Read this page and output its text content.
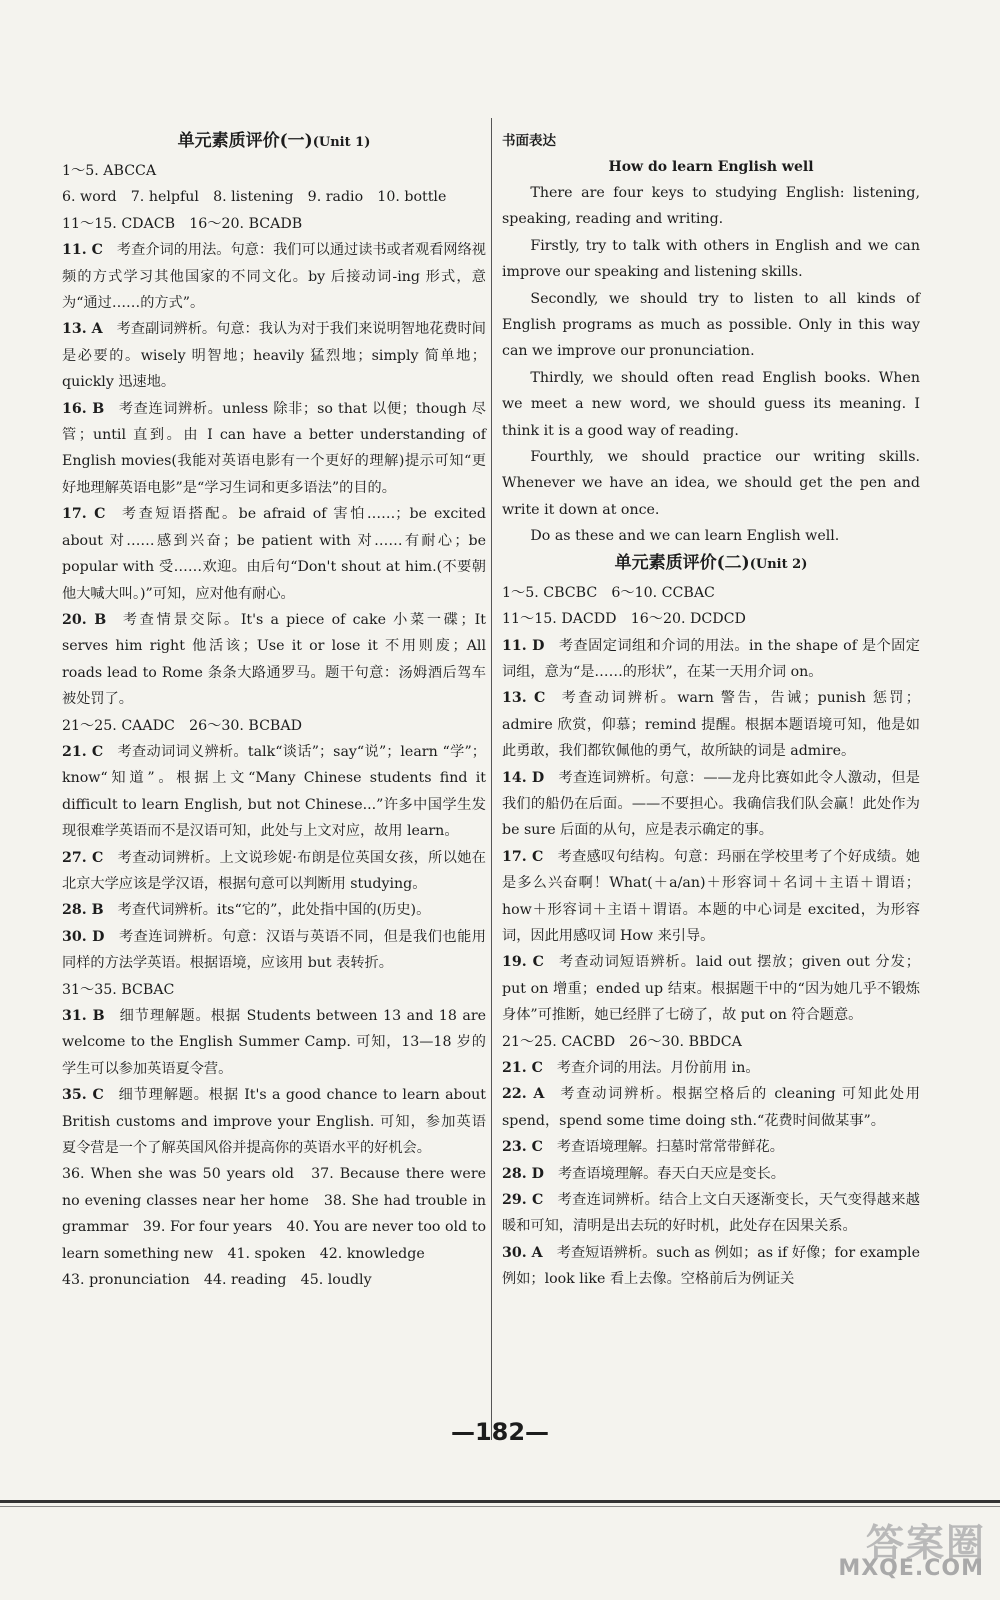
单元素质评价(一)(Unit 1)

1～5. ABCCA

6. word　7. helpful　8. listening　9. radio　10. bottle

11～15. CDACB　16～20. BCADB

11. C 考查介词的用法。句意：我们可以通过读书或者观看网络视频的方式学习其他国家的不同文化。by 后接动词-ing 形式，意为“通过……的方式”。

13. A 考查副词辨析。句意：我认为对于我们来说明智地花费时间是必要的。wisely 明智地；heavily 猛烈地；simply 简单地；quickly 迅速地。

16. B 考查连词辨析。unless 除非；so that 以便；though 尽管；until 直到。由 I can have a better understanding of English movies(我能对英语电影有一个更好的理解)提示可知“更好地理解英语电影”是“学习生词和更多语法”的目的。

17. C 考查短语搭配。be afraid of 害怕……；be excited about 对……感到兴奋；be patient with 对……有耐心；be popular with 受……欢迎。由后句“Don't shout at him.(不要朝他大喊大叫。)”可知，应对他有耐心。

20. B 考查情景交际。It's a piece of cake 小菜一碟；It serves him right 他活该；Use it or lose it 不用则废；All roads lead to Rome 条条大路通罗马。题干句意：汤姆酒后驾车被处罚了。

21～25. CAADC　26～30. BCBAD

21. C 考查动词词义辨析。talk“谈话”；say“说”；learn “学”；know“知道”。根据上文“Many Chinese students find it difficult to learn English, but not Chinese...”许多中国学生发现很难学英语而不是汉语可知，此处与上文对应，故用 learn。

27. C 考查动词辨析。上文说珍妮·布朗是位英国女孩，所以她在北京大学应该是学汉语，根据句意可以判断用 studying。

28. B 考查代词辨析。its“它的”，此处指中国的(历史)。

30. D 考查连词辨析。句意：汉语与英语不同，但是我们也能用同样的方法学英语。根据语境，应该用 but 表转折。

31～35. BCBAC

31. B 细节理解题。根据 Students between 13 and 18 are welcome to the English Summer Camp. 可知，13—18 岁的学生可以参加英语夏令营。

35. C 细节理解题。根据 It's a good chance to learn about British customs and improve your English. 可知，参加英语夏令营是一个了解英国风俗并提高你的英语水平的好机会。

36. When she was 50 years old　37. Because there were no evening classes near her home　38. She had trouble in grammar　39. For four years　40. You are never too old to learn something new　41. spoken　42. knowledge

43. pronunciation　44. reading　45. loudly

书面表达

How do learn English well

There are four keys to studying English: listening, speaking, reading and writing.

Firstly, try to talk with others in English and we can improve our speaking and listening skills.

Secondly, we should try to listen to all kinds of English programs as much as possible. Only in this way can we improve our pronunciation.

Thirdly, we should often read English books. When we meet a new word, we should guess its meaning. I think it is a good way of reading.

Fourthly, we should practice our writing skills. Whenever we have an idea, we should get the pen and write it down at once.

Do as these and we can learn English well.

单元素质评价(二)(Unit 2)

1～5. CBCBC　6～10. CCBAC

11～15. DACDD　16～20. DCDCD

11. D 考查固定词组和介词的用法。in the shape of 是个固定词组，意为“是……的形状”，在某一天用介词 on。

13. C 考查动词辨析。warn 警告，告诫；punish 惩罚；admire 欣赏，仰慕；remind 提醒。根据本题语境可知，他是如此勇敢，我们都钦佩他的勇气，故所缺的词是 admire。

14. D 考查连词辨析。句意：——龙舟比赛如此令人激动，但是我们的船仍在后面。——不要担心。我确信我们队会赢！此处作为 be sure 后面的从句，应是表示确定的事。

17. C 考查感叹句结构。句意：玛丽在学校里考了个好成绩。她是多么兴奋啊！What(＋a/an)＋形容词＋名词＋主语＋谓语；how＋形容词＋主语＋谓语。本题的中心词是 excited，为形容词，因此用感叹词 How 来引导。

19. C 考查动词短语辨析。laid out 摆放；given out 分发；put on 增重；ended up 结束。根据题干中的“因为她几乎不锻炼身体”可推断，她已经胖了七磅了，故 put on 符合题意。

21～25. CACBD　26～30. BBDCA

21. C 考查介词的用法。月份前用 in。

22. A 考查动词辨析。根据空格后的 cleaning 可知此处用 spend，spend some time doing sth.“花费时间做某事”。

23. C 考查语境理解。扫墓时常常带鲜花。

28. D 考查语境理解。春天白天应是变长。

29. C 考查连词辨析。结合上文白天逐渐变长，天气变得越来越暖和可知，清明是出去玩的好时机，此处存在因果关系。

30. A 考查短语辨析。such as 例如；as if 好像；for example 例如；look like 看上去像。空格前后为例证关

—182—
答案圈
MXQE.COM
